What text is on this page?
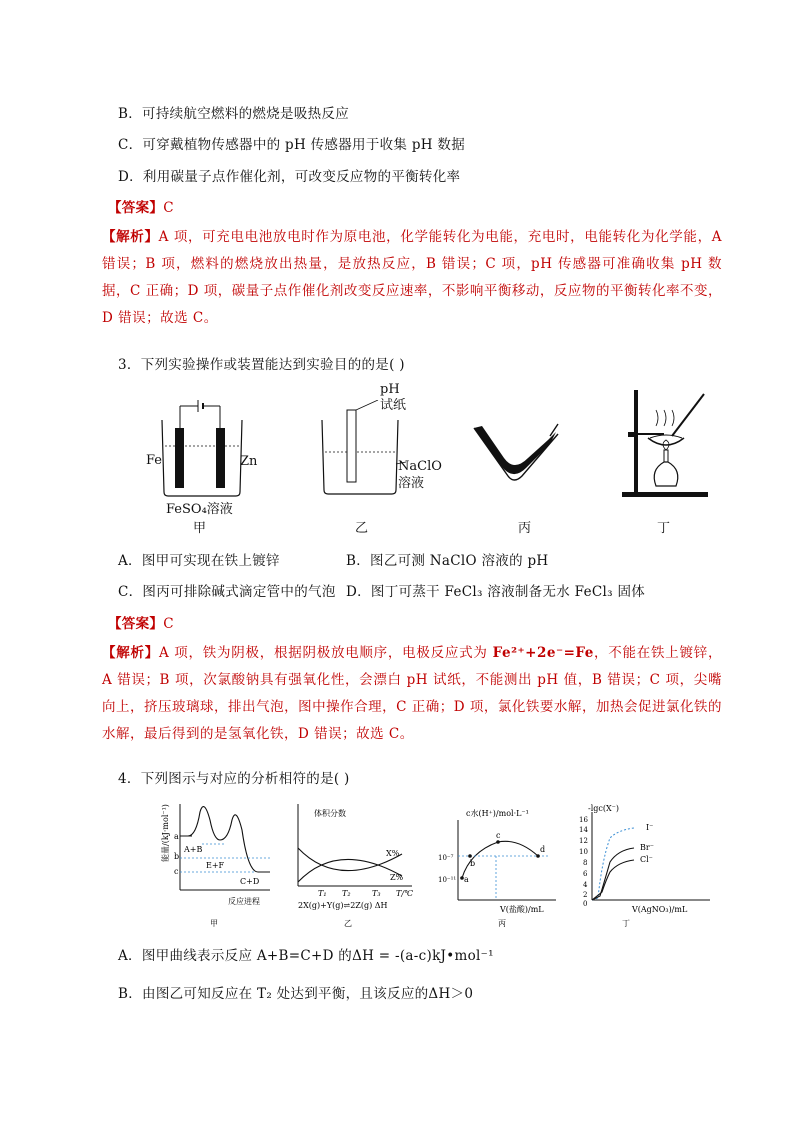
B．可持续航空燃料的燃烧是吸热反应
C．可穿戴植物传感器中的 pH 传感器用于收集 pH 数据
D．利用碳量子点作催化剂，可改变反应物的平衡转化率
【答案】C
【解析】A 项，可充电电池放电时作为原电池，化学能转化为电能，充电时，电能转化为化学能，A 错误；B 项，燃料的燃烧放出热量，是放热反应，B 错误；C 项，pH 传感器可准确收集 pH 数据，C 正确；D 项，碳量子点作催化剂改变反应速率，不影响平衡移动，反应物的平衡转化率不变，D 错误；故选 C。
3．下列实验操作或装置能达到实验目的的是( )
Fe	Zn
FeSO₄溶液
甲
pH
试纸
NaClO
溶液
乙	丙	丁
A．图甲可实现在铁上镀锌	B．图乙可测 NaClO 溶液的 pH
C．图丙可排除碱式滴定管中的气泡 D．图丁可蒸干 FeCl₃ 溶液制备无水 FeCl₃ 固体
【答案】C
【解析】A 项，铁为阴极，根据阴极放电顺序，电极反应式为 Fe²⁺+2e⁻=Fe，不能在铁上镀锌，A 错误；B 项，次氯酸钠具有强氧化性，会漂白 pH 试纸，不能测出 pH 值，B 错误；C 项，尖嘴向上，挤压玻璃球，排出气泡，图中操作合理，C 正确；D 项，氯化铁要水解，加热会促进氯化铁的水解，最后得到的是氢氧化铁，D 错误；故选 C。
4．下列图示与对应的分析相符的是( )
能量/(kJ·mol⁻¹) a
b
c
A+B
E+F
C+D
反应进程
甲
体积分数
X%
Z%
T₁ T₂	T₃ T/℃
2X(g)+Y(g)⇌2Z(g) ΔH
乙
c水(H⁺)/mol·L⁻¹
10⁻⁷
10⁻¹¹ a
b
c
d
V(盐酸)/mL
丙
-lgc(X⁻)
16
14
12
10
8
6
4
2
0
I⁻
Br⁻
Cl⁻
V(AgNO₃)/mL
丁
A．图甲曲线表示反应 A+B=C+D 的ΔH = -(a-c)kJ•mol⁻¹
B．由图乙可知反应在 T₂ 处达到平衡，且该反应的ΔH＞0
